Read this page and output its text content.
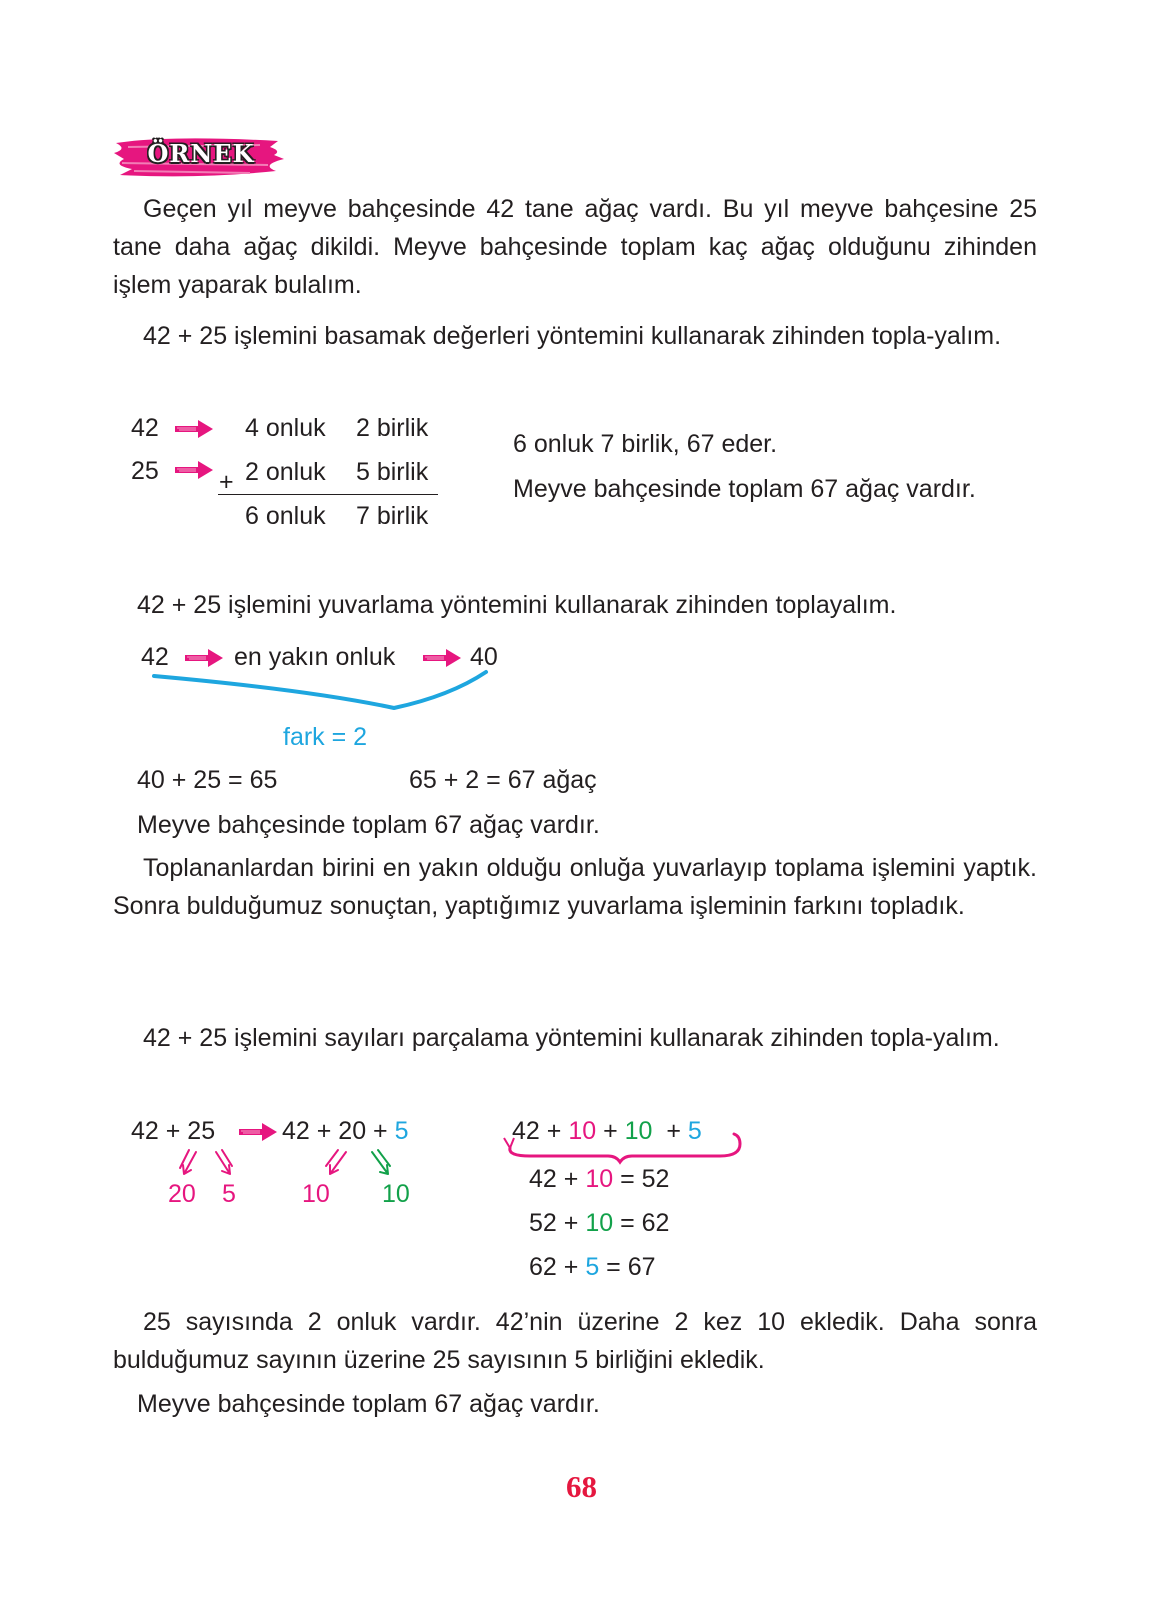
ÖRNEK

Geçen yıl meyve bahçesinde 42 tane ağaç vardı. Bu yıl meyve bahçesine 25 tane daha ağaç dikildi. Meyve bahçesinde toplam kaç ağaç olduğunu zihinden işlem yaparak bulalım.

42 + 25 işlemini basamak değerleri yöntemini kullanarak zihinden topla-yalım.

42	4 onluk 2 birlik
25 + 2 onluk 5 birlik
6 onluk 7 birlik
6 onluk 7 birlik, 67 eder.
Meyve bahçesinde toplam 67 ağaç vardır.
42 + 25 işlemini yuvarlama yöntemini kullanarak zihinden toplayalım.
42	en yakın onluk	40
fark = 2
40 + 25 = 65	65 + 2 = 67 ağaç
Meyve bahçesinde toplam 67 ağaç vardır.

Toplananlardan birini en yakın olduğu onluğa yuvarlayıp toplama işlemini yaptık. Sonra bulduğumuz sonuçtan, yaptığımız yuvarlama işleminin farkını topladık.

42 + 25 işlemini sayıları parçalama yöntemini kullanarak zihinden topla-yalım.

42 + 25	42 + 20 + 5
20 5	10 10
42 + 10 + 10  + 5
42 + 10 = 52
52 + 10 = 62
62 + 5 = 67

25 sayısında 2 onluk vardır. 42’nin üzerine 2 kez 10 ekledik. Daha sonra bulduğumuz sayının üzerine 25 sayısının 5 birliğini ekledik.

Meyve bahçesinde toplam 67 ağaç vardır.
68
